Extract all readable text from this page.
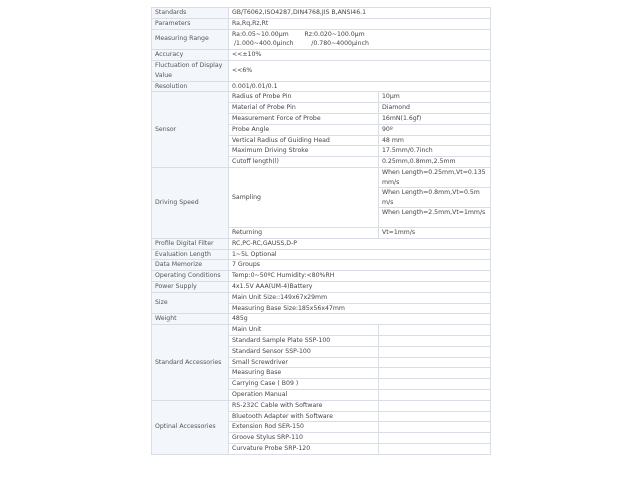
Standards	GB/T6062,ISO4287,DIN4768,JIS B,ANSI46.1	
Parameters	Ra,Rq,Rz,Rt	
Measuring Range	Ra:0.05~10.00μm        Rz:0.020~100.0μm
/1.000~400.0μinch         /0.780~4000μinch	

Accuracy	<<±10%	
Fluctuation of Display Value	<<6%	
Resolution	0.001/0.01/0.1	
Sensor	Radius of Probe Pin	10μm
	Material of Probe Pin	Diamond
	Measurement Force of Probe	16mN(1.6gf)
	Probe Angle	90º
	Vertical Radius of Guiding Head	48 mm
	Maximum Driving Stroke	17.5mm/0.7inch
	Cutoff length(l)	0.25mm,0.8mm,2.5mm
Driving Speed	Sampling	When Length=0.25mm,Vt=0.135 mm/s
When Length=0.8mm,Vt=0.5mm/s
When Length=2.5mm,Vt=1mm/s

	Returning	Vt=1mm/s
Profile Digital Filter	RC,PC-RC,GAUSS,D-P	
Evaluation Length	1~5L Optional	
Data Memorize	7 Groups	
Operating Conditions	Temp:0~50ºC Humidity:<80%RH	
Power Supply	4x1.5V AAA(UM-4)Battery	
Size	Main Unit Size::149x67x29mm	
	Measuring Base Size:185x56x47mm	
Weight	485g	
Standard Accessories	Main Unit	
	Standard Sample Plate SSP-100	
	Standard Sensor SSP-100	
	Small Screwdriver	
	Measuring Base	
	Carrying Case ( B09 )	
	Operation Manual	
Optinal Accessories	RS-232C Cable with Software	
	Bluetooth Adapter with Software	
	Extension Rod SER-150	
	Groove Stylus SRP-110	
	Curvature Probe SRP-120	
